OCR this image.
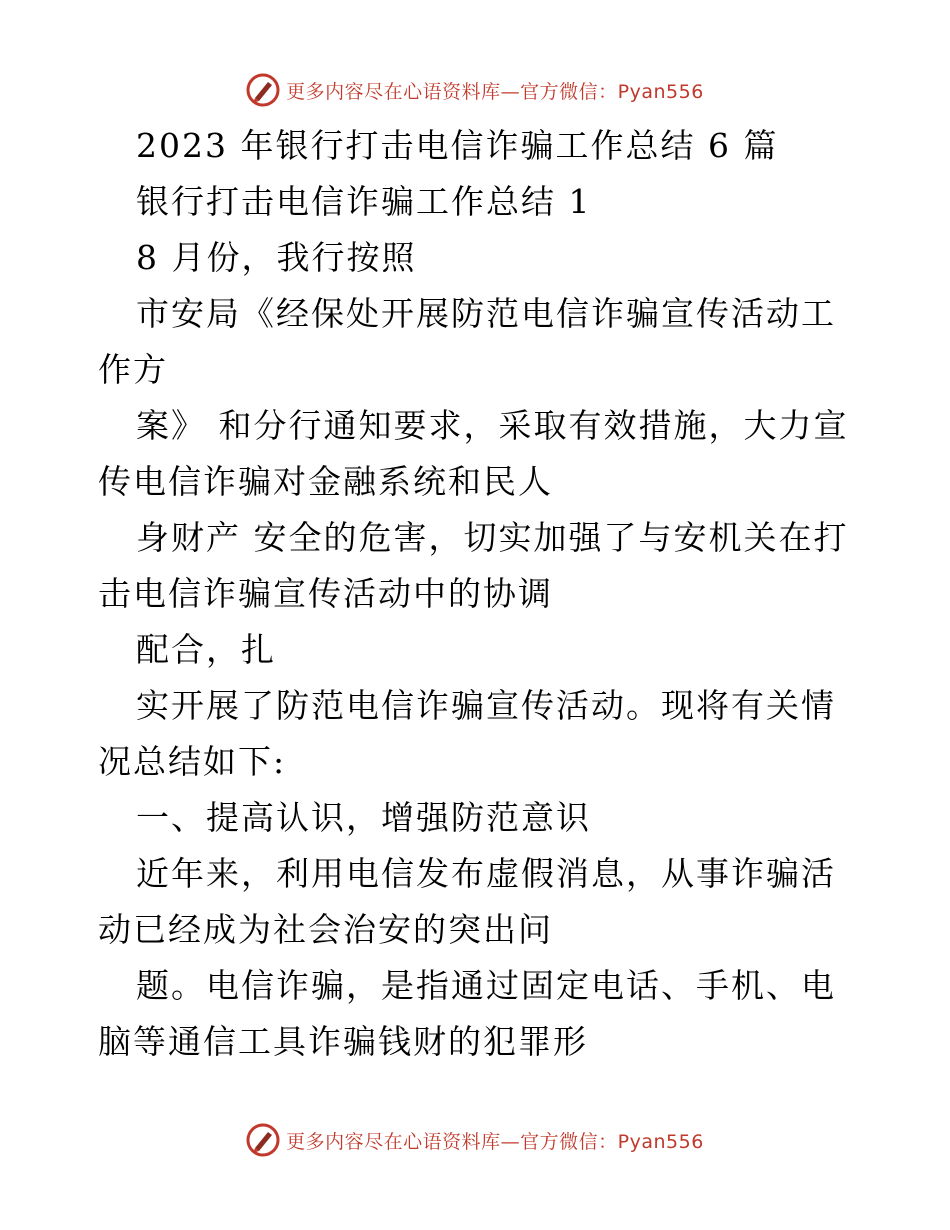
更多内容尽在心语资料库—官方微信：Pyan556

2023 年银行打击电信诈骗工作总结 6 篇

银行打击电信诈骗工作总结 1

8 月份，我行按照

市安局《经保处开展防范电信诈骗宣传活动工作方

案》 和分行通知要求，采取有效措施，大力宣传电信诈骗对金融系统和民人

身财产 安全的危害，切实加强了与安机关在打击电信诈骗宣传活动中的协调

配合，扎

实开展了防范电信诈骗宣传活动。现将有关情况总结如下:

一、提高认识，增强防范意识

近年来，利用电信发布虚假消息，从事诈骗活动已经成为社会治安的突出问

题。电信诈骗，是指通过固定电话、手机、电脑等通信工具诈骗钱财的犯罪形

更多内容尽在心语资料库—官方微信：Pyan556
